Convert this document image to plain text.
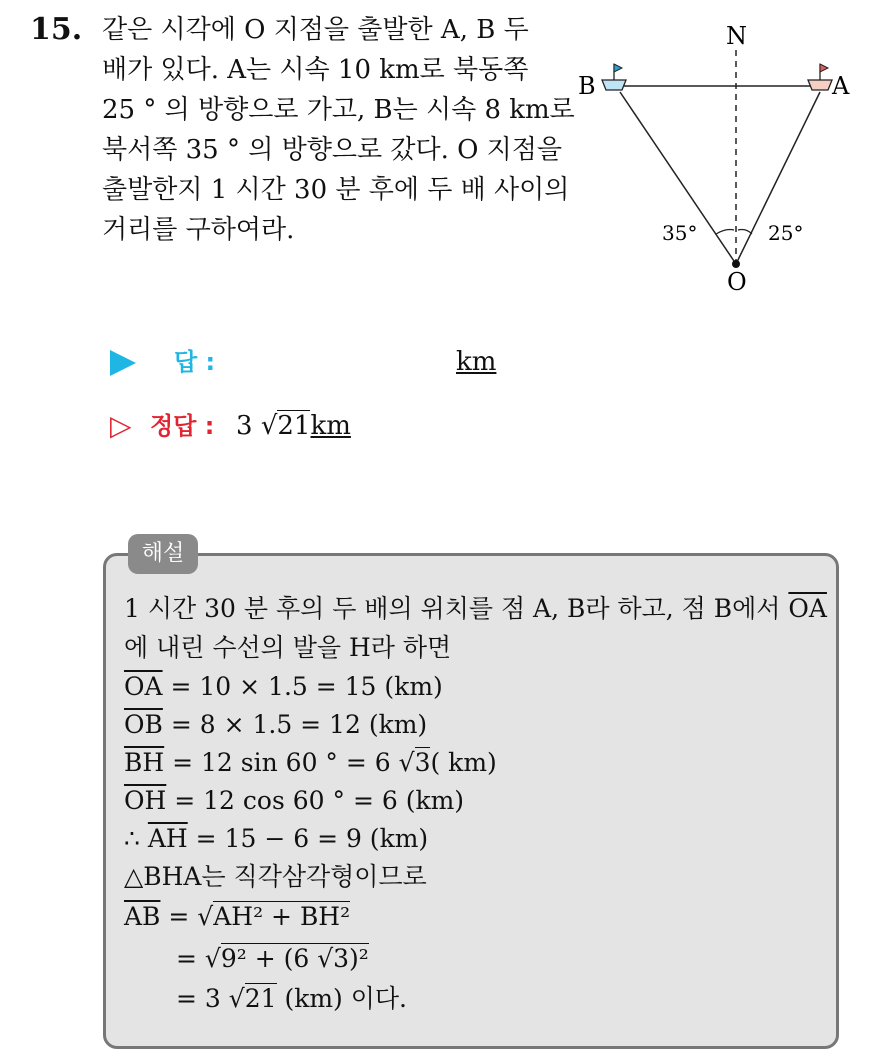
15. 같은 시각에 O 지점을 출발한 A, B 두
배가 있다. A는 시속 10 km로 북동쪽
25 ° 의 방향으로 가고, B는 시속 8 km로
북서쪽 35 ° 의 방향으로 갔다. O 지점을
출발한지 1 시간 30 분 후에 두 배 사이의
거리를 구하여라.
N
B	A
O
35°	25°
답 :	km
▷ 정답 : 3 √21km
해설
1 시간 30 분 후의 두 배의 위치를 점 A, B라 하고, 점 B에서 $\overline{OA}$
에 내린 수선의 발을 H라 하면
$\overline{OA} = 10 \times 1.5 = 15$ (km)
$\overline{OB} = 8 \times 1.5 = 12$ (km)
$\overline{BH} = 12$ sin 60 ° = 6 √3( km)
$\overline{OH} = 12$ cos 60 ° = 6 (km)
∴ $\overline{AH} = 15 - 6 = 9$ (km)
△BHA는 직각삼각형이므로
$\overline{AB} = √AH^2 + BH^2$
= √9² + (6 √3)²
= 3 √21 (km) 이다.
